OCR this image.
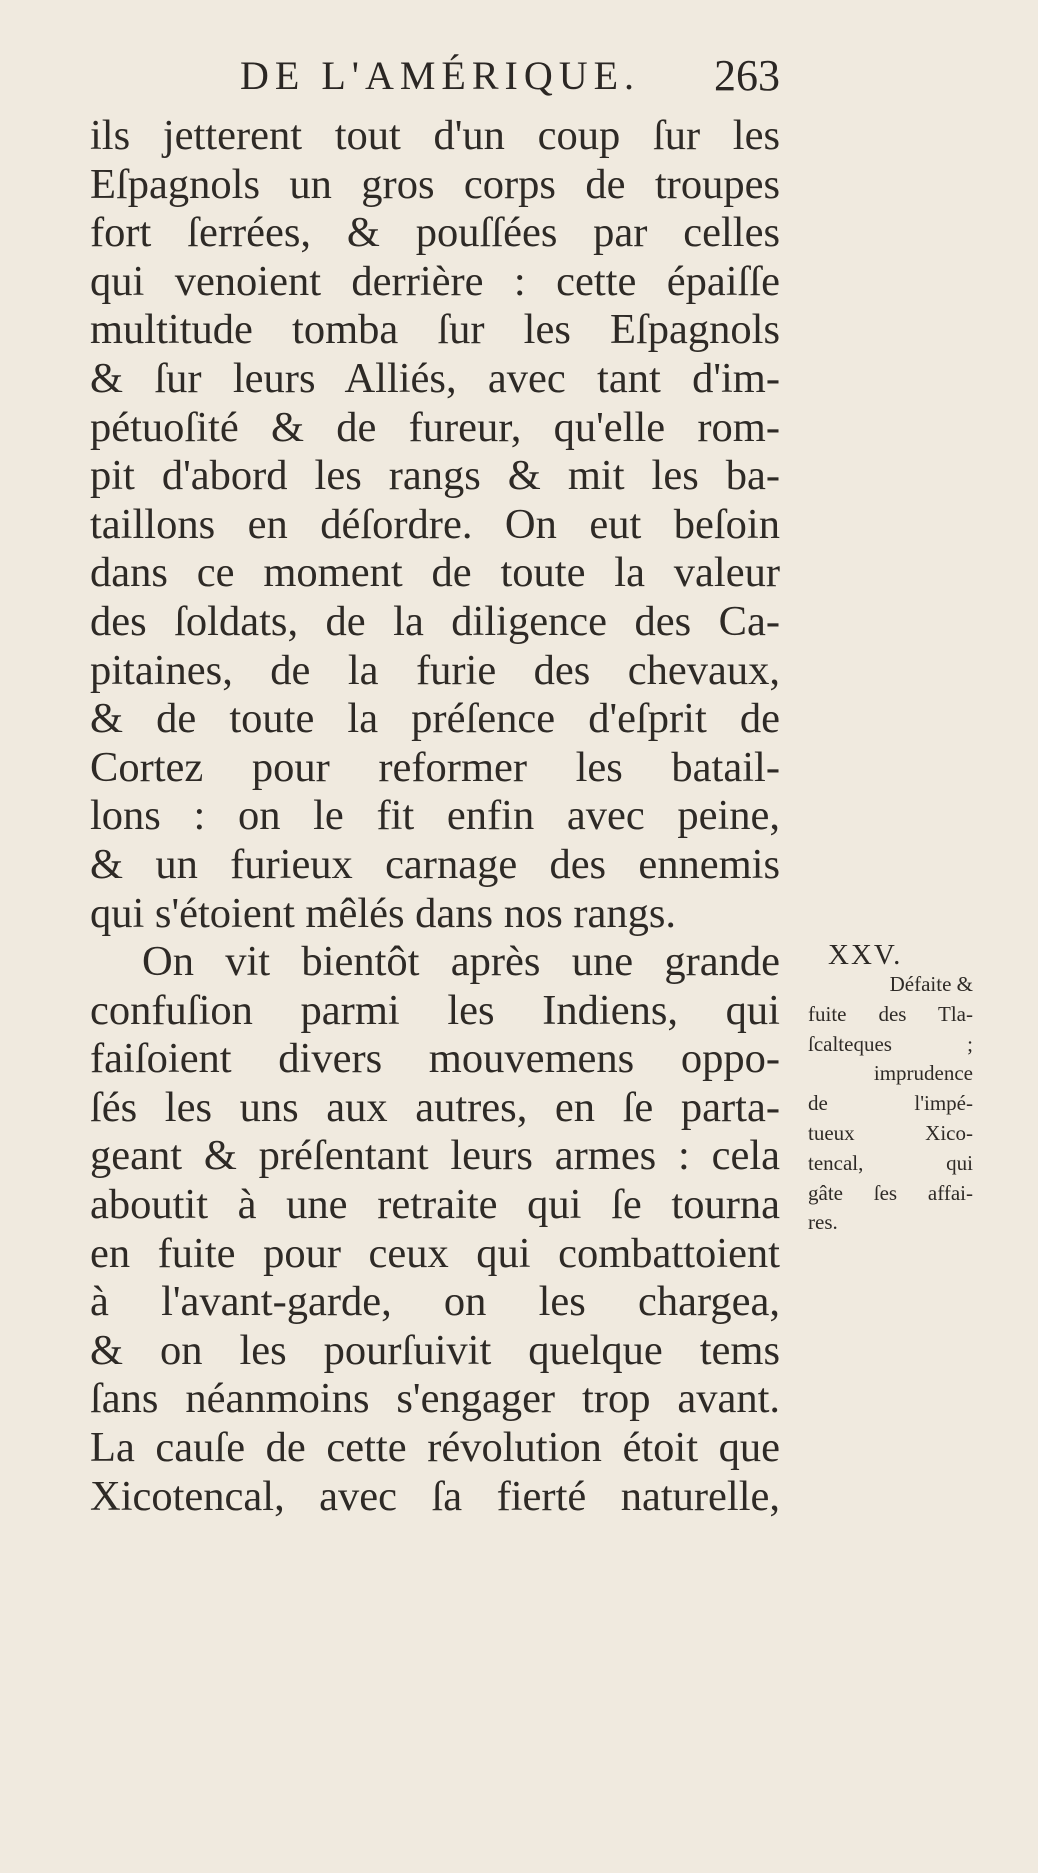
DE L'AMÉRIQUE. 263
ils jetterent tout d'un coup ſur les
Eſpagnols un gros corps de troupes
fort ſerrées, & pouſſées par celles
qui venoient derrière : cette épaiſſe
multitude tomba ſur les Eſpagnols
& ſur leurs Alliés, avec tant d'im-
pétuoſité & de fureur, qu'elle rom-
pit d'abord les rangs & mit les ba-
taillons en déſordre. On eut beſoin
dans ce moment de toute la valeur
des ſoldats, de la diligence des Ca-
pitaines, de la furie des chevaux,
& de toute la préſence d'eſprit de
Cortez pour reformer les batail-
lons : on le fit enfin avec peine,
& un furieux carnage des ennemis
qui s'étoient mêlés dans nos rangs.
On vit bientôt après une grande
confuſion parmi les Indiens, qui
faiſoient divers mouvemens oppo-
ſés les uns aux autres, en ſe parta-
geant & préſentant leurs armes : cela
aboutit à une retraite qui ſe tourna
en fuite pour ceux qui combattoient
à l'avant-garde, on les chargea,
& on les pourſuivit quelque tems
ſans néanmoins s'engager trop avant.
La cauſe de cette révolution étoit que
Xicotencal, avec ſa fierté naturelle,
XXV.
Défaite &
fuite des Tla-
ſcalteques ;
imprudence
de l'impé-
tueux Xico-
tencal, qui
gâte ſes affai-
res.
